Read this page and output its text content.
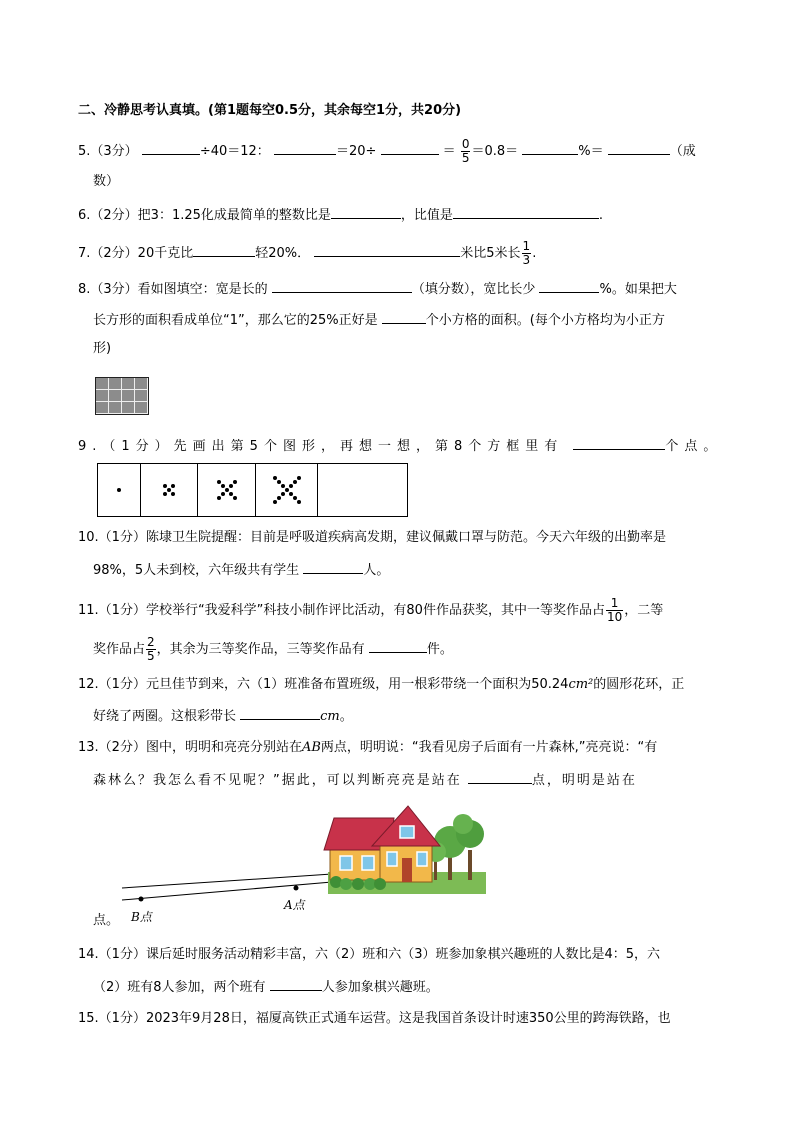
二、冷静思考认真填。(第1题每空0.5分，其余每空1分，共20分)
5.（3分）	÷40＝12：	＝20÷	＝ $\frac{0}{5} =0.8=$	%＝	（成
数）
6.（2分）把3：1.25化成最简单的整数比是	，比值是	.
7.（2分）20千克比	轻20%．	米比5米长 $\frac{1}{3}$ .
8.（3分）看如图填空：宽是长的	（填分数），宽比长少	%。如果把大
长方形的面积看成单位“1”，那么它的25%正好是	个小方格的面积。(每个小方格均为小正方
形)
9.（1分）先画出第5个图形，再想一想，第8个方框里有	个点。
10.（1分）陈埭卫生院提醒：目前是呼吸道疾病高发期，建议佩戴口罩与防范。今天六年级的出勤率是
98%，5人未到校，六年级共有学生	人。
11.（1分）学校举行“我爱科学”科技小制作评比活动，有80件作品获奖，其中一等奖作品占 $\frac{1}{10}$ ，二等
奖作品占 $\frac{2}{5}$ ，其余为三等奖作品，三等奖作品有	件。
12.（1分）元旦佳节到来，六（1）班准备布置班级，用一根彩带绕一个面积为50.24cm²的圆形花环，正
好绕了两圈。这根彩带长	cm。
13.（2分）图中，明明和亮亮分别站在AB两点，明明说：“我看见房子后面有一片森林,”亮亮说：“有
森林么？我怎么看不见呢？”据此，可以判断亮亮是站在	点，明明是站在
B点
A点
点。
14.（1分）课后延时服务活动精彩丰富，六（2）班和六（3）班参加象棋兴趣班的人数比是4：5，六
（2）班有8人参加，两个班有	人参加象棋兴趣班。
15.（1分）2023年9月28日，福厦高铁正式通车运营。这是我国首条设计时速350公里的跨海铁路，也
